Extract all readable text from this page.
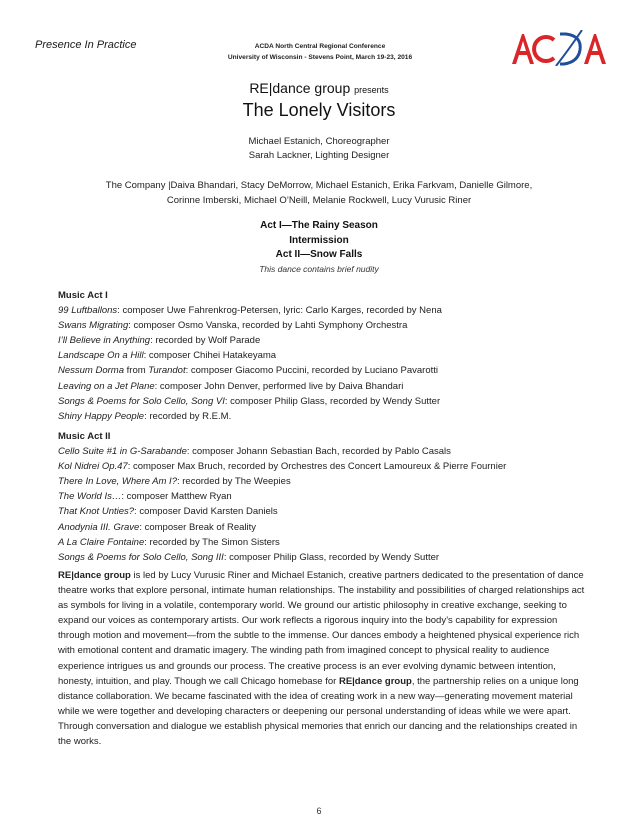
Presence In Practice	ACDA North Central Regional Conference
University of Wisconsin - Stevens Point, March 19-23, 2016
RE|dance group presents
The Lonely Visitors
Michael Estanich, Choreographer
Sarah Lackner, Lighting Designer
The Company |Daiva Bhandari, Stacy DeMorrow, Michael Estanich, Erika Farkvam, Danielle Gilmore,
Corinne Imberski, Michael O’Neill, Melanie Rockwell, Lucy Vurusic Riner
Act I—The Rainy Season
Intermission
Act II—Snow Falls
This dance contains brief nudity
Music Act I
99 Luftballons: composer Uwe Fahrenkrog-Petersen, lyric: Carlo Karges, recorded by Nena
Swans Migrating: composer Osmo Vanska, recorded by Lahti Symphony Orchestra
I’ll Believe in Anything: recorded by Wolf Parade
Landscape On a Hill: composer Chihei Hatakeyama
Nessum Dorma from Turandot: composer Giacomo Puccini, recorded by Luciano Pavarotti
Leaving on a Jet Plane: composer John Denver, performed live by Daiva Bhandari
Songs & Poems for Solo Cello, Song VI: composer Philip Glass, recorded by Wendy Sutter
Shiny Happy People: recorded by R.E.M.
Music Act II
Cello Suite #1 in G-Sarabande: composer Johann Sebastian Bach, recorded by Pablo Casals
Kol Nidrei Op.47: composer Max Bruch, recorded by Orchestres des Concert Lamoureux & Pierre Fournier
There In Love, Where Am I?: recorded by The Weepies
The World Is…: composer Matthew Ryan
That Knot Unties?: composer David Karsten Daniels
Anodynia III. Grave: composer Break of Reality
A La Claire Fontaine: recorded by The Simon Sisters
Songs & Poems for Solo Cello, Song III: composer Philip Glass, recorded by Wendy Sutter
RE|dance group is led by Lucy Vurusic Riner and Michael Estanich, creative partners dedicated to the presentation of dance theatre works that explore personal, intimate human relationships. The instability and possibilities of charged relationships act as symbols for living in a volatile, contemporary world. We ground our artistic philosophy in creative exchange, seeking to expand our voices as contemporary artists. Our work reflects a rigorous inquiry into the body’s capability for expression through motion and movement—from the subtle to the immense. Our dances embody a heightened physical experience rich with emotional content and dramatic imagery. The winding path from imagined concept to physical reality to audience experience intrigues us and grounds our process. The creative process is an ever evolving dynamic between intention, honesty, intuition, and play. Though we call Chicago homebase for RE|dance group, the partnership relies on a unique long distance collaboration. We became fascinated with the idea of creating work in a new way—generating movement material while we were together and developing characters or deepening our personal understanding of ideas while we were apart. Through conversation and dialogue we establish physical memories that enrich our dancing and the relationships created in the works.
6
